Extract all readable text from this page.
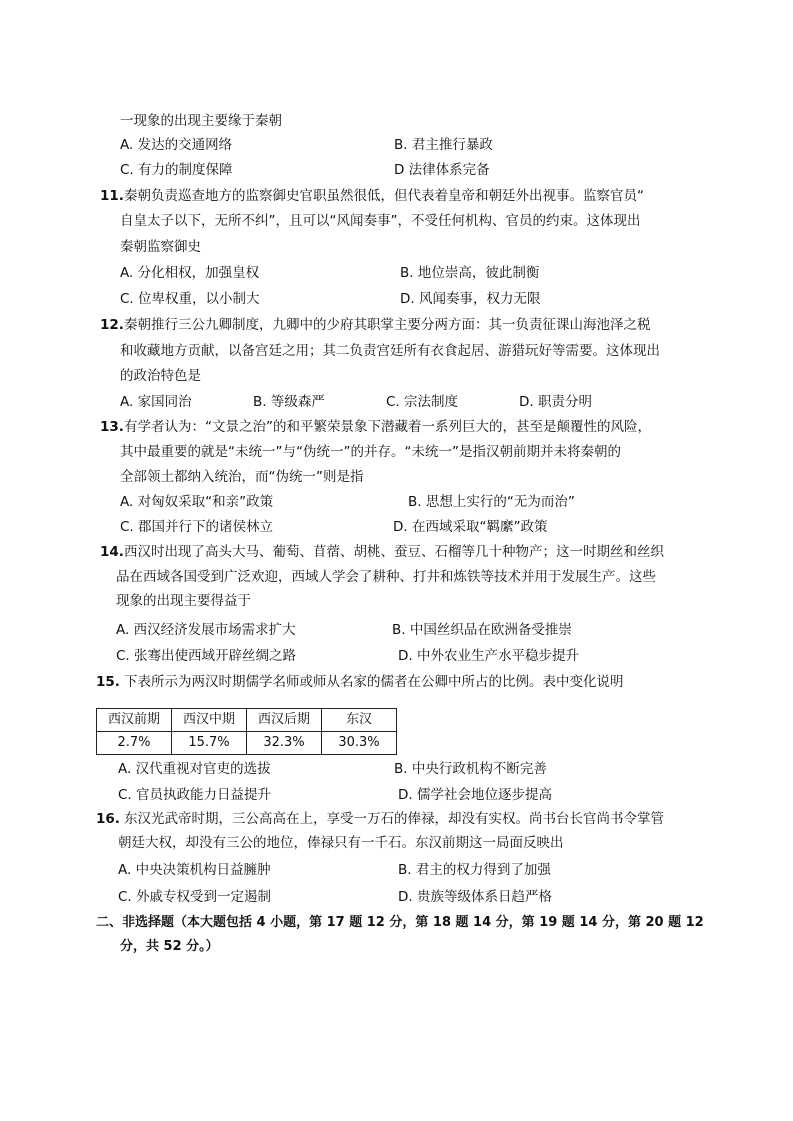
一现象的出现主要缘于秦朝
A. 发达的交通网络	B. 君主推行暴政
C. 有力的制度保障	D 法律体系完备
11. 秦朝负责巡查地方的监察御史官职虽然很低，但代表着皇帝和朝廷外出视事。监察官员“
自皇太子以下，无所不纠”，且可以“风闻奏事”，不受任何机构、官员的约束。这体现出
秦朝监察御史
A. 分化相权，加强皇权	B. 地位崇高，彼此制衡
C. 位卑权重，以小制大	D. 风闻奏事，权力无限
12. 秦朝推行三公九卿制度，九卿中的少府其职掌主要分两方面：其一负责征课山海池泽之税
和收藏地方贡献，以备宫廷之用；其二负责宫廷所有衣食起居、游猎玩好等需要。这体现出
的政治特色是
A. 家国同治	B. 等级森严	C. 宗法制度	D. 职责分明
13. 有学者认为：“文景之治”的和平繁荣景象下潜藏着一系列巨大的，甚至是颠覆性的风险，
其中最重要的就是“未统一”与“伪统一”的并存。“未统一”是指汉朝前期并未将秦朝的
全部领土都纳入统治，而“伪统一”则是指
A. 对匈奴采取“和亲”政策	B. 思想上实行的“无为而治”
C. 郡国并行下的诸侯林立	D. 在西域采取“羁縻”政策
14. 西汉时出现了高头大马、葡萄、苜蓿、胡桃、蚕豆、石榴等几十种物产；这一时期丝和丝织
品在西域各国受到广泛欢迎，西域人学会了耕种、打井和炼铁等技术并用于发展生产。这些
现象的出现主要得益于
A. 西汉经济发展市场需求扩大	B. 中国丝织品在欧洲备受推崇
C. 张骞出使西域开辟丝绸之路	D. 中外农业生产水平稳步提升
15. 下表所示为两汉时期儒学名师或师从名家的儒者在公卿中所占的比例。表中变化说明
西汉前期	西汉中期	西汉后期	东汉
2.7%	15.7%	32.3%	30.3%
A. 汉代重视对官吏的选拔	B. 中央行政机构不断完善
C. 官员执政能力日益提升	D. 儒学社会地位逐步提高
16. 东汉光武帝时期，三公高高在上，享受一万石的俸禄，却没有实权。尚书台长官尚书令掌管
朝廷大权，却没有三公的地位，俸禄只有一千石。东汉前期这一局面反映出
A. 中央决策机构日益臃肿	B. 君主的权力得到了加强
C. 外戚专权受到一定遏制	D. 贵族等级体系日趋严格
二、非选择题（本大题包括 4 小题，第 17 题 12 分，第 18 题 14 分，第 19 题 14 分，第 20 题 12
分，共 52 分。）
